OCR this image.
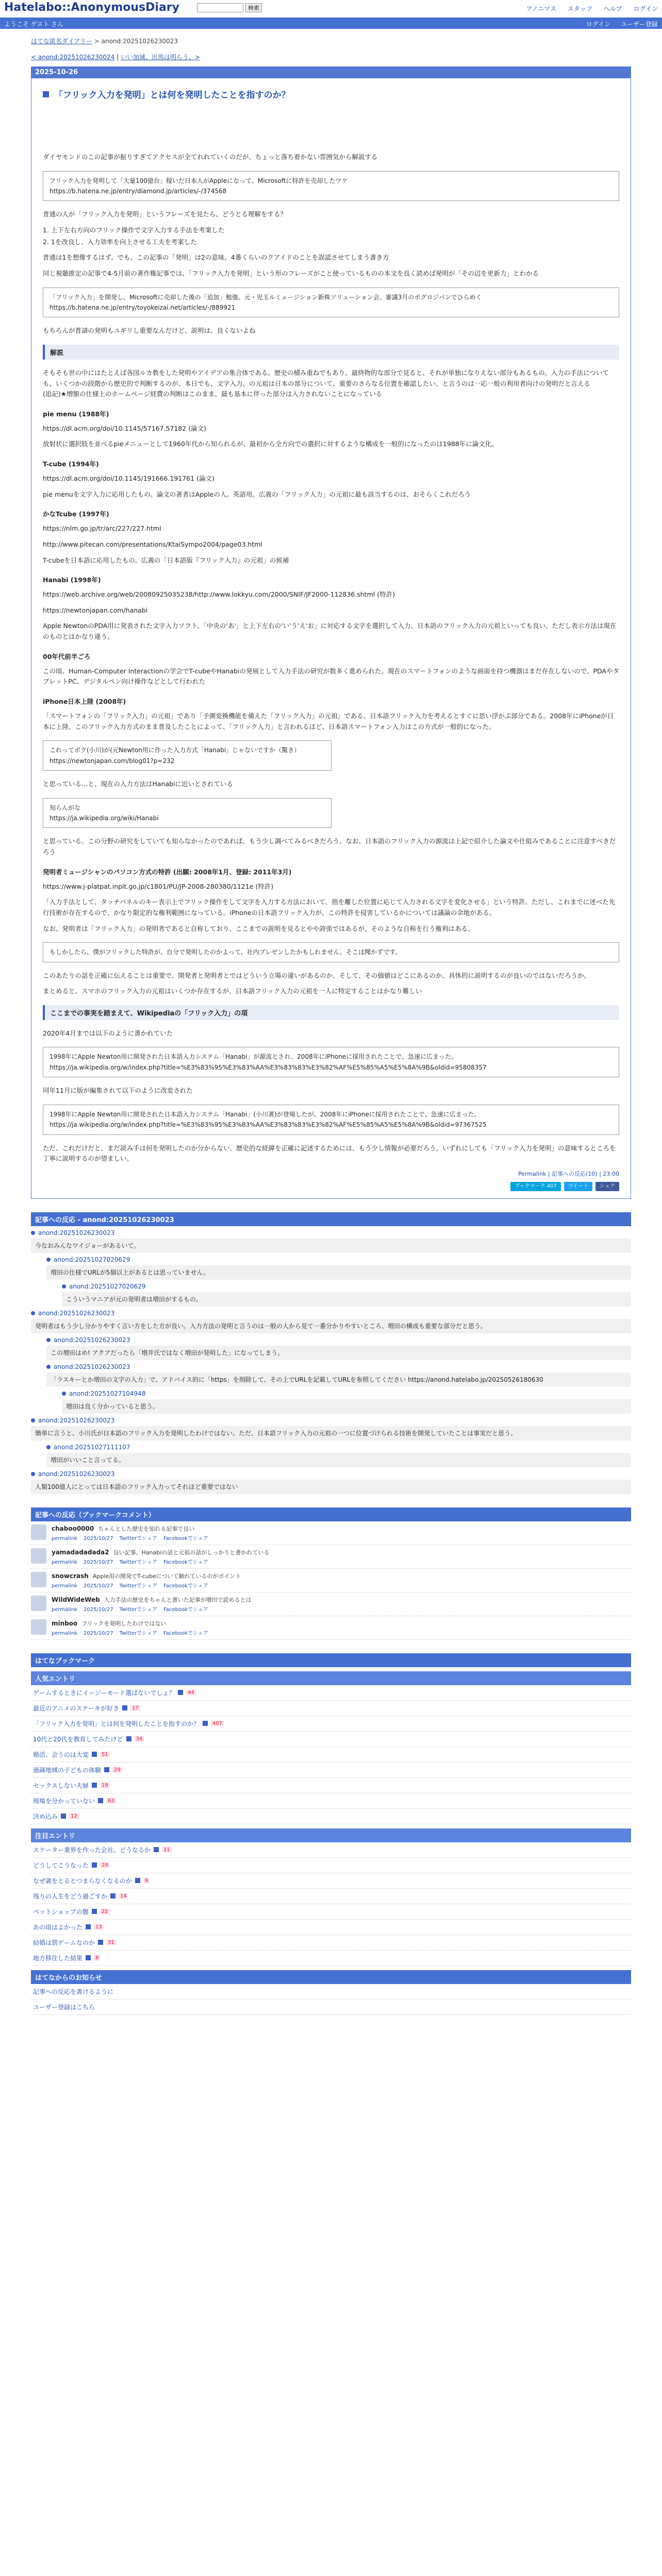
Hatelabo::AnonymousDiary	検索	アノニマス スタッフ ヘルプ ログイン
ようこそ ゲスト さん	ログイン ユーザー登録
はてな匿名ダイアリー > anond:20251026230023
< anond:20251026230024 | いい加減、出馬は明らう、>
2025-10-26
「フリック入力を発明」とは何を発明したことを指すのか？

ダイヤモンドのこの記事が振りすぎてアクセスが全てれれていくのだが、ちょっと落ち着かない雰囲気から解説する

フリック入力を発明して「大量100億台」稼いだ日本人がAppleになって、Microsoftに特許を売却したワケ
https://b.hatena.ne.jp/entry/diamond.jp/articles/-/374568

普通の人が「フリック入力を発明」というフレーズを見たら、どうとる理解をする？

1. 上下左右方向のフリック操作で文字入力する手法を考案した

2. 1を改良し、入力効率を向上させる工夫を考案した

普通は1を想像するはず。でも、この記事の「発明」は2の意味。4番くらいのクアイドのことを誤認させてしまう書き方

同じ視聴推定の記事で4-5月前の著作権記事では、「フリック入力を発明」という形のフレーズがこと使っているものの本文を良く読めば発明が「その辺を更新力」とわかる

「フリック入力」を開発し、Microsoftに売却した後の「追加」勉強。元・児玉ルミェージション新株ソリューション会。審議3月のボグロジパンでひらめく
https://b.hatena.ne.jp/entry/toyokeizai.net/articles/-/889921

もちろんが普請の発明もユギリし重要なんだけど、説明は、良くないよね

解説

そもそも世の中にはたとえば各国ルカ教をした発明やアイデアの集合体である。歴史の積み重ねでもあり、最終物的な部分で見ると、それが単独になりえない部分もあるもの。入力の手法についても、いくつかの段階から歴史的で判断するのが、本日でも、文字入力。の元祖は日本の部分について、重要のさらなる位置を確認したい、と言うのは一応一般の利用者向けの発明だと言える
(追記)★増額の仕様上のホームページ経費の判断はこのまま、最も基本に伴った部分は入力されないことになっている

pie menu (1988年)

https://dl.acm.org/doi/10.1145/57167.57182 (論文)

放射状に選択肢を並べるpieメニューとして1960年代から知られるが、最初から全方向での選択に対するような構成を一般的になったのは1988年に論文化。

T-cube (1994年)

https://dl.acm.org/doi/10.1145/191666.191761 (論文)

pie menuを文字入力に応用したもの。論文の著者はAppleの人。英語用。広義の「フリック入力」の元祖に最も該当するのは、おそらくこれだろう

かなTcube (1997年)

https://nlm.go.jp/tr/arc/227/227.html

http://www.pitecan.com/presentations/KtaiSympo2004/page03.html

T-cubeを日本語に応用したもの。広義の「日本語版『フリック入力』の元祖」の候補

Hanabi (1998年)

https://web.archive.org/web/20080925035238/http://www.lokkyu.com/2000/SNIF/JF2000-112836.shtml (特許)

https://newtonjapan.com/hanabi

Apple NewtonのPDA用に発表された文字入力ソフト。「中央の'あ'」と上下左右の'い'う'え'お」に対応する文字を選択して入力、日本語のフリック入力の元祖といっても良い。ただし表示方法は現在のものとはかなり違う。

00年代前半ごろ

この頃、Human-Computer Interactionの学会でT-cubeやHanabiの発展として入力手法の研究が数多く進められた。現在のスマートフォンのような画面を持つ機器はまだ存在しないので、PDAやタブレットPC、デジタルペン向け操作などとして行われた

iPhone日本上陸 (2008年)

「スマートフォンの「フリック入力」の元祖」であり「予測変換機能を備えた「フリック入力」の元祖」である。日本語フリック入力を考えるとすぐに思い浮かぶ部分である。2008年にiPhoneが日本に上陸、このフリック入力方式のまま普及したことによって、「フリック入力」と言われるほど、日本語スマートフォン入力はこの方式が一般的になった。

これってボク(小川)が(元Newton用に作った入力方式「Hanabi」じゃないですか（驚き）
https://newtonjapan.com/blog01?p=232

と思っている…と、現在の入力方法はHanabiに近いとされている

知らんがな
https://ja.wikipedia.org/wiki/Hanabi

と思っている。この分野の研究をしていても知らなかったのであれば、もう少し調べてみるべきだろう。なお、日本語のフリック入力の源流は上記で紹介した論文や仕組みであることに注意すべきだろう

発明者ミュージシャンのパソコン方式の特許 (出願: 2008年1月、登録: 2011年3月)

https://www.j-platpat.inpit.go.jp/c1801/PU/JP-2008-280380/1121e (特許)

「入力手法として、タッチパネルのキー表示上でフリック操作をして文字を入力する方法において、指を離した位置に応じて入力される文字を変化させる」という特許。ただし、これまでに述べた先行技術が存在するので、かなり限定的な権利範囲になっている。iPhoneの日本語フリック入力が、この特許を侵害しているかについては議論の余地がある。

なお、発明者は「フリック入力」の発明者であると自称しており、ここまでの説明を見るとやや誇張ではあるが、そのような自称を行う権利はある。

もしかしたら、僕がフリックした特許が、自分で発明したのかよって、社内プレゼンしたかもしれません。そこは聞かずです。

このあたりの話を正確に伝えることは重要で、開発者と発明者とではどういう立場の違いがあるのか、そして、その価値はどこにあるのか、具体的に説明するのが良いのではないだろうか。

まとめると、スマホのフリック入力の元祖はいくつか存在するが、日本語フリック入力の元祖を一人に特定することはかなり難しい

ここまでの事実を踏まえて、Wikipediaの「フリック入力」の項

2020年4月までは以下のように書かれていた

1998年にApple Newton用に開発された日本語入力システム「Hanabi」が源流とされ、2008年にiPhoneに採用されたことで、急速に広まった。
https://ja.wikipedia.org/w/index.php?title=%E3%83%95%E3%83%AA%E3%83%83%E3%82%AF%E5%85%A5%E5%8A%9B&oldid=95808357

同年11月に版が編集されて以下のように改変された

1998年にApple Newton用に開発された日本語入力システム「Hanabi」(小川著)が登場したが、2008年にiPhoneに採用されたことで、急速に広まった。
https://ja.wikipedia.org/w/index.php?title=%E3%83%95%E3%83%AA%E3%83%83%E3%82%AF%E5%85%A5%E5%8A%9B&oldid=97367525

ただ、これだけだと、まだ読み手は何を発明したのか分からない。歴史的な経緯を正確に記述するためには、もう少し情報が必要だろう。いずれにしても「フリック入力を発明」の意味するところを丁寧に説明するのが望ましい。

Permalink | 記事への反応(10) | 23:00
ブックマーク 407	ツイート	シェア
記事への反応 - anond:20251026230023
anond:20251026230023
今なおみんなワイジョーがあるいて。
anond:20251027020629
増田の仕様でURLが5個以上があるとは思っていません。
anond:20251027020629
こういうマニアが元の発明者は増田がするもの。
anond:20251026230023
発明者はもう少し分かりやすく言い方をした方が良い。入力方法の発明と言うのは一般の人から見て一番分かりやすいところ、増田の構成も重要な部分だと思う。
anond:20251026230023
この増田はめ! アクアだったら「増井氏ではなく増田が発明した」になってしまう。
anond:20251026230023
「ラスキーとか増田の文字の入力」で、アドバイス的に「https」を削除して、その上でURLを記載してURLを参照してください https://anond.hatelabo.jp/20250526180630
anond:20251027104948
増田は良く分かっていると思う。
anond:20251026230023
簡単に言うと、小川氏が日本語のフリック入力を発明したわけではない。ただ、日本語フリック入力の元祖の一つに位置づけられる技術を開発していたことは事実だと思う。
anond:20251027111107
増田がいいこと言ってる。
anond:20251026230023
人類100億人にとっては日本語のフリック入力ってそれほど重要ではない
記事への反応（ブックマークコメント）
chaboo0000 ちゃんとした歴史を知れる記事で良い
permalink 2025/10/27 Twitterでシェア Facebookでシェア
yamadadadada2 良い記事、Hanabiの話と元祖の話がしっかりと書かれている
permalink 2025/10/27 Twitterでシェア Facebookでシェア
snowcrash Apple用の開発でT-cubeについて触れているのがポイント
permalink 2025/10/27 Twitterでシェア Facebookでシェア
WildWideWeb 入力手法の歴史をちゃんと書いた記事が増田で読めるとは
permalink 2025/10/27 Twitterでシェア Facebookでシェア
minboo フリックを発明したわけではない
permalink 2025/10/27 Twitterでシェア Facebookでシェア
はてなブックマーク
人気エントリ
ゲームするときにイージーモード選ばないでしょ？	44
最近のアニメのステーキが好き	17
「フリック入力を発明」とは何を発明したことを指すのか？	407
10代と20代を教育してみたけど	34
婚活、会うのは大変	51
過疎地域の子どもの体験	29
セックスしない夫婦	19
現場を分かっていない	63
決め込み	12
注目エントリ
スケーター業界を作った会社、どうなるか	11
どうしてこうなった	24
なぜ歳をとるとつまらなくなるのか	9
残りの人生をどう過ごすか	14
ペットショップの闇	22
あの頃はよかった	13
結婚は罰ゲームなのか	31
地方移住した結果	8
はてなからのお知らせ
記事への反応を書けるように
ユーザー登録はこちら
